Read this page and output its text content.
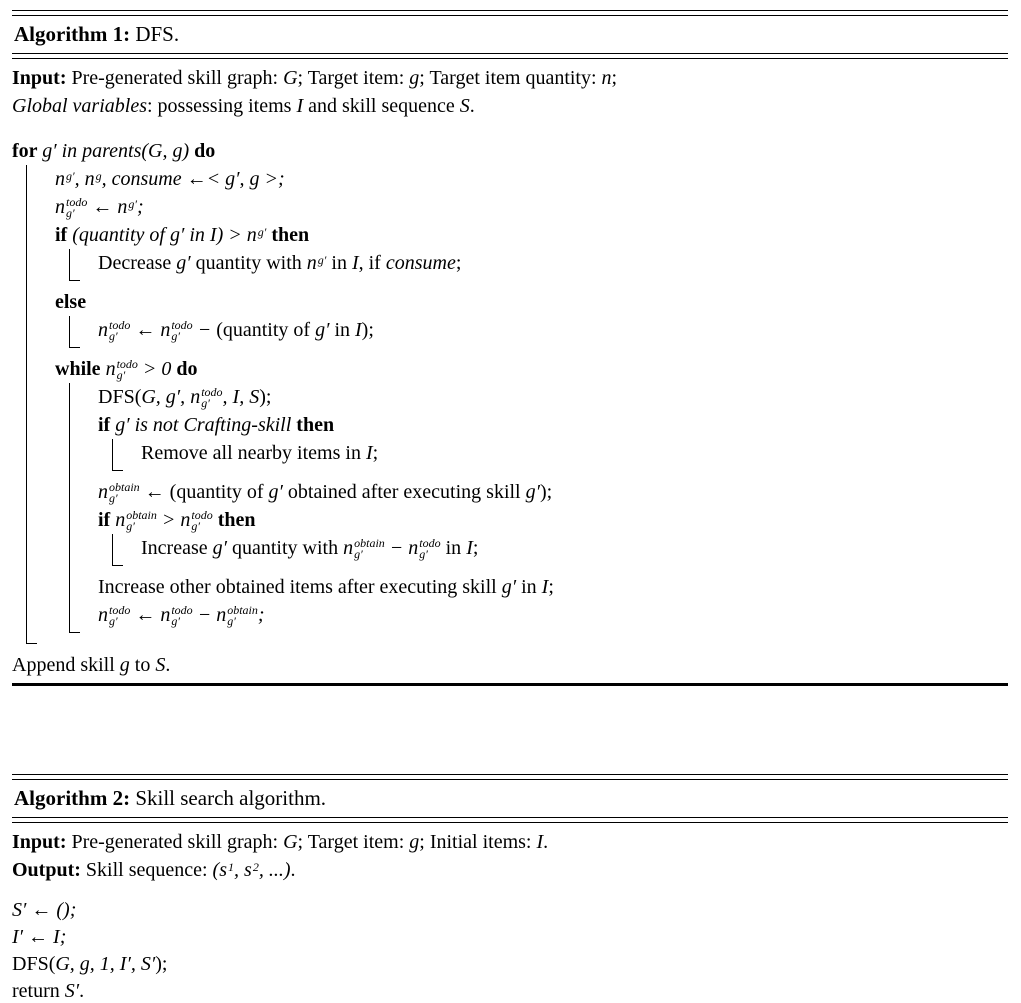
Algorithm 1: DFS.
Input: Pre-generated skill graph: G; Target item: g; Target item quantity: n;
Global variables: possessing items I and skill sequence S.
for g′ in parents(G, g) do
n g′ , n g , consume ←< g′, g >;
n todo
g′ ← n g′ ;
if (quantity of g′ in I) > n g′ then
Decrease g′ quantity with n g′ in I, if consume;
else
n todo
g′ ← n todo
g′ − (quantity of g′ in I);
while n todo
g′ > 0 do
DFS(G, g′, n todo
g′ , I, S);
if g′ is not Crafting-skill then
Remove all nearby items in I;
n obtain
g′ ← (quantity of g′ obtained after executing skill g′);
if n obtain
g′ > n todo
g′ then
Increase g′ quantity with n obtain
g′ − n todo
g′ in I;
Increase other obtained items after executing skill g′ in I;
n todo
g′ ← n todo
g′ − n obtain
g′ ;
Append skill g to S.
Algorithm 2: Skill search algorithm.
Input: Pre-generated skill graph: G; Target item: g; Initial items: I.
Output: Skill sequence: ( s 1 , s 2 , ...).
S′ ← ();
I′ ← I;
DFS(G, g, 1, I′, S′);
return S′.
